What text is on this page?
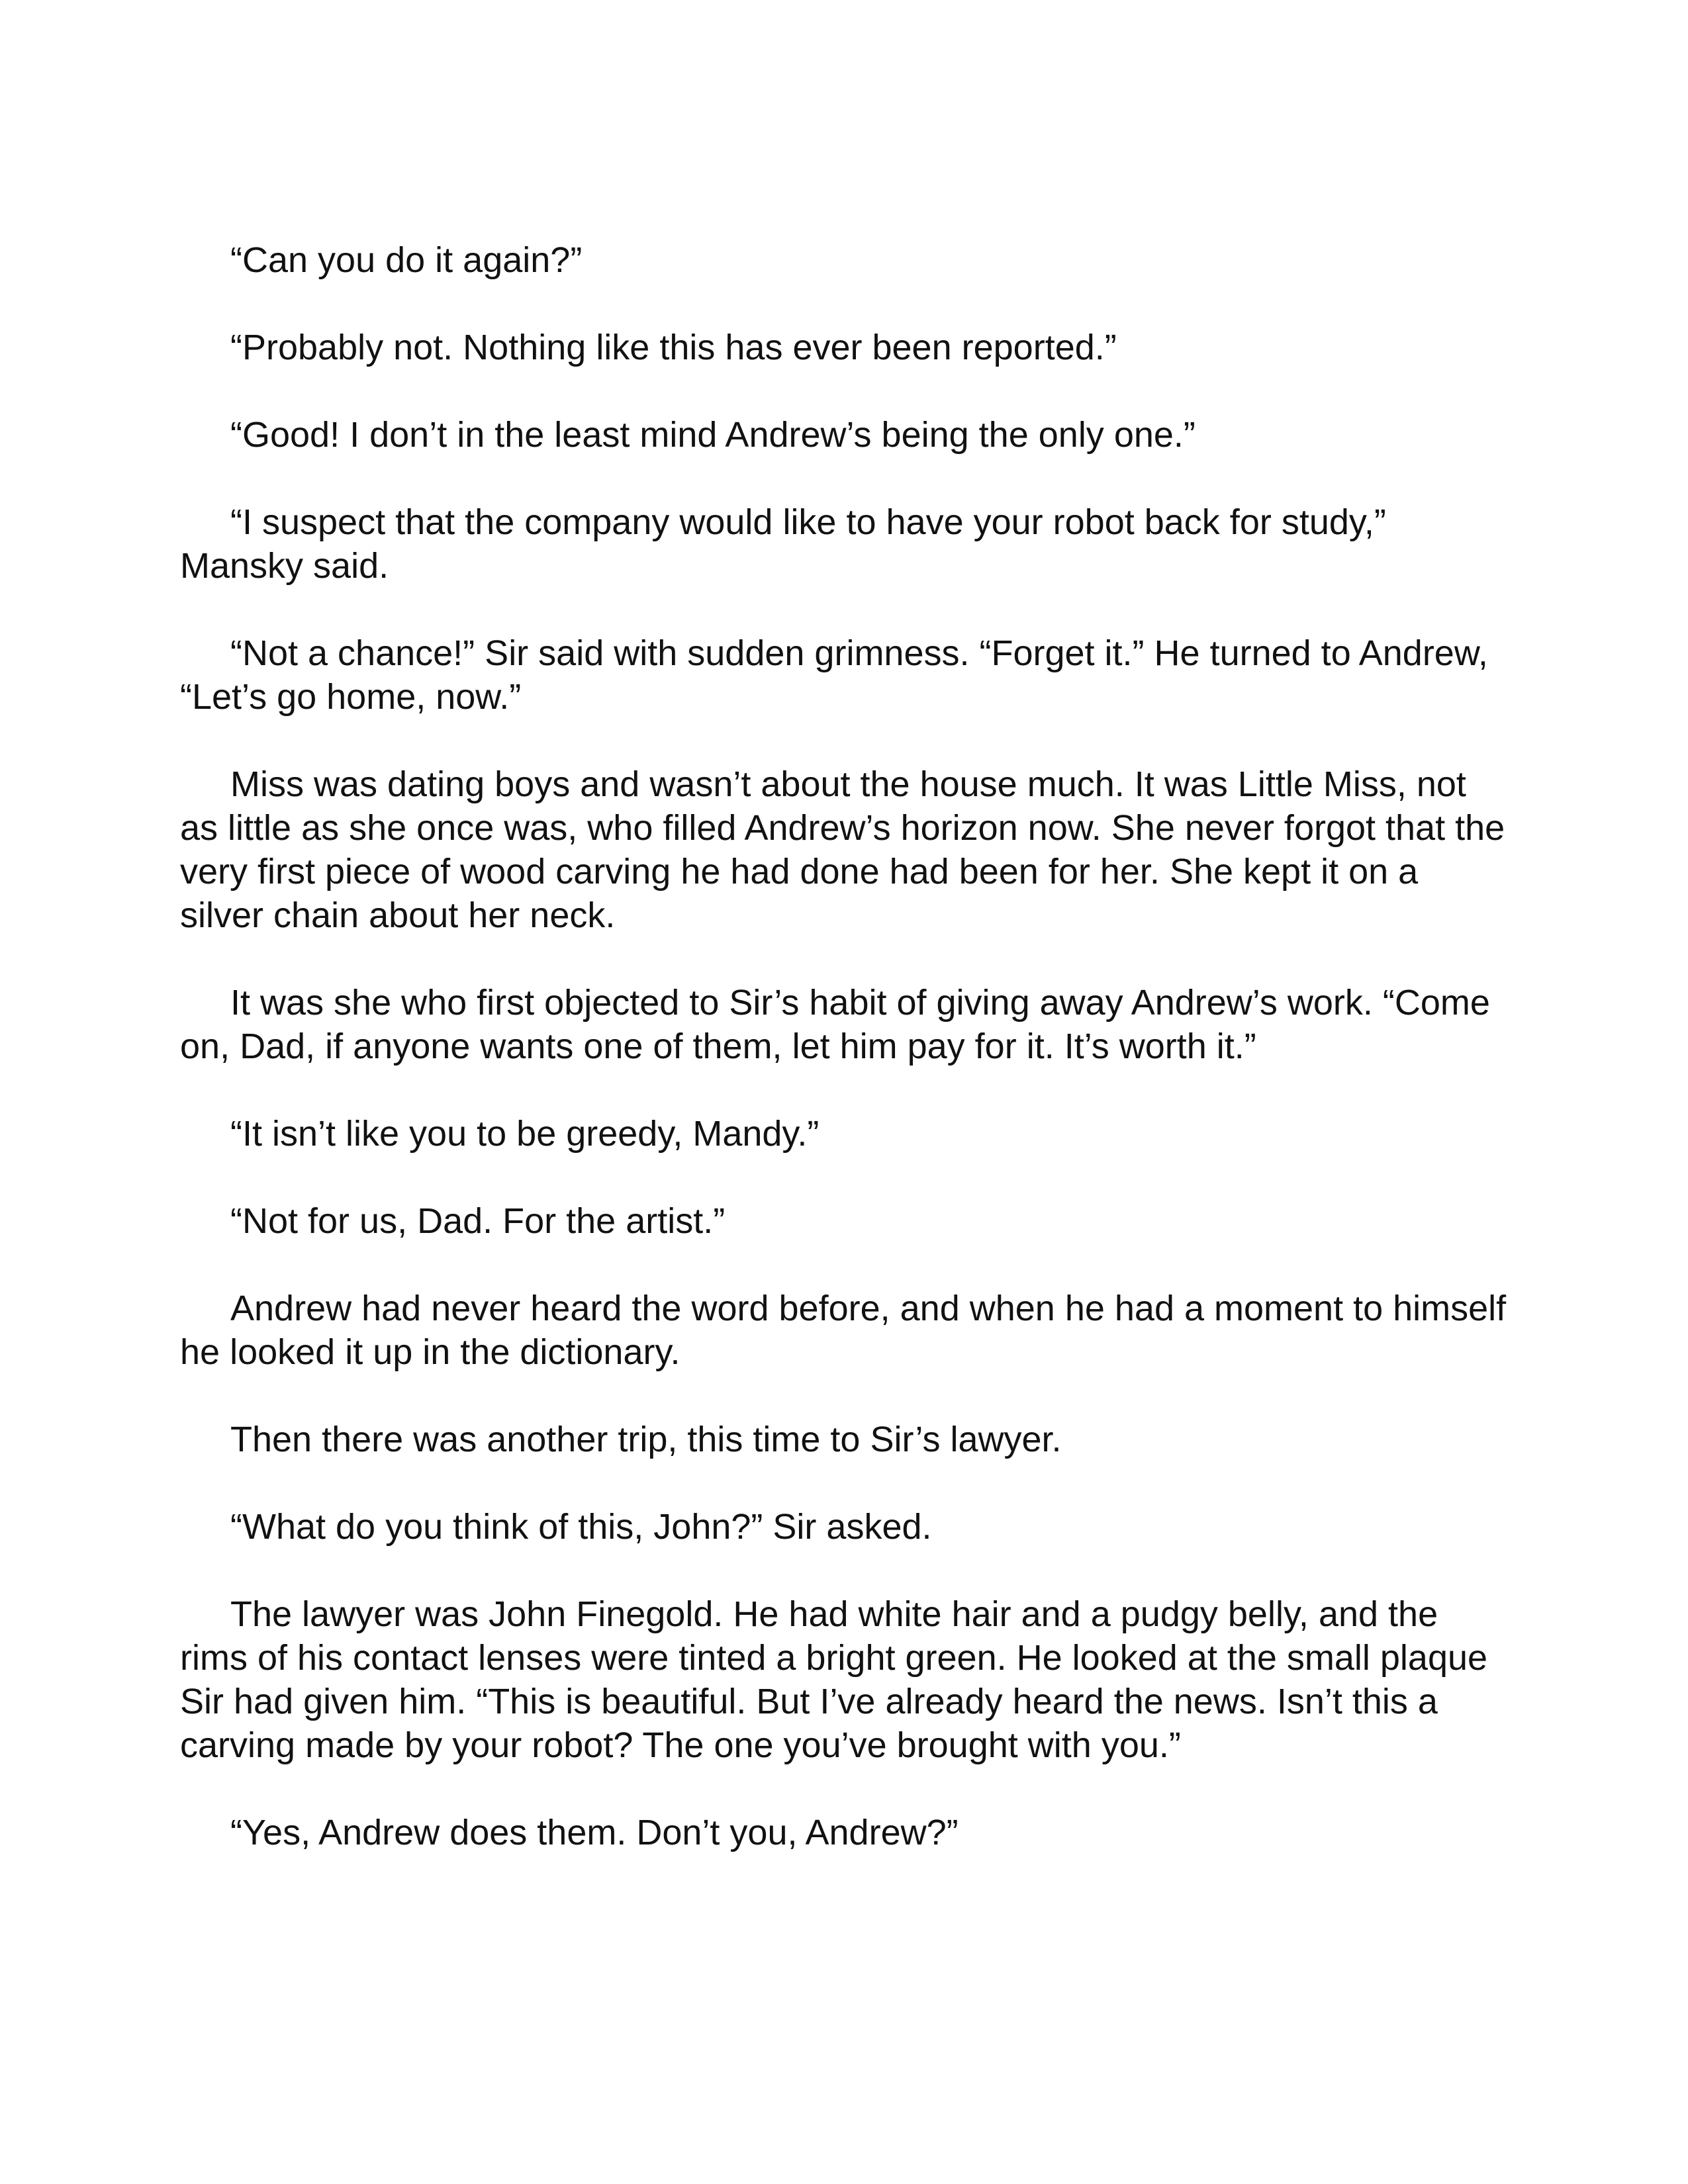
“Can you do it again?”

“Probably not. Nothing like this has ever been reported.”

“Good! I don’t in the least mind Andrew’s being the only one.”

“I suspect that the company would like to have your robot back for study,” Mansky said.

“Not a chance!” Sir said with sudden grimness. “Forget it.” He turned to Andrew, “Let’s go home, now.”

Miss was dating boys and wasn’t about the house much. It was Little Miss, not as little as she once was, who filled Andrew’s horizon now. She never forgot that the very first piece of wood carving he had done had been for her. She kept it on a silver chain about her neck.

It was she who first objected to Sir’s habit of giving away Andrew’s work. “Come on, Dad, if anyone wants one of them, let him pay for it. It’s worth it.”

“It isn’t like you to be greedy, Mandy.”

“Not for us, Dad. For the artist.”

Andrew had never heard the word before, and when he had a moment to himself he looked it up in the dictionary.

Then there was another trip, this time to Sir’s lawyer.

“What do you think of this, John?” Sir asked.

The lawyer was John Finegold. He had white hair and a pudgy belly, and the rims of his contact lenses were tinted a bright green. He looked at the small plaque Sir had given him. “This is beautiful. But I’ve already heard the news. Isn’t this a carving made by your robot? The one you’ve brought with you.”

“Yes, Andrew does them. Don’t you, Andrew?”
